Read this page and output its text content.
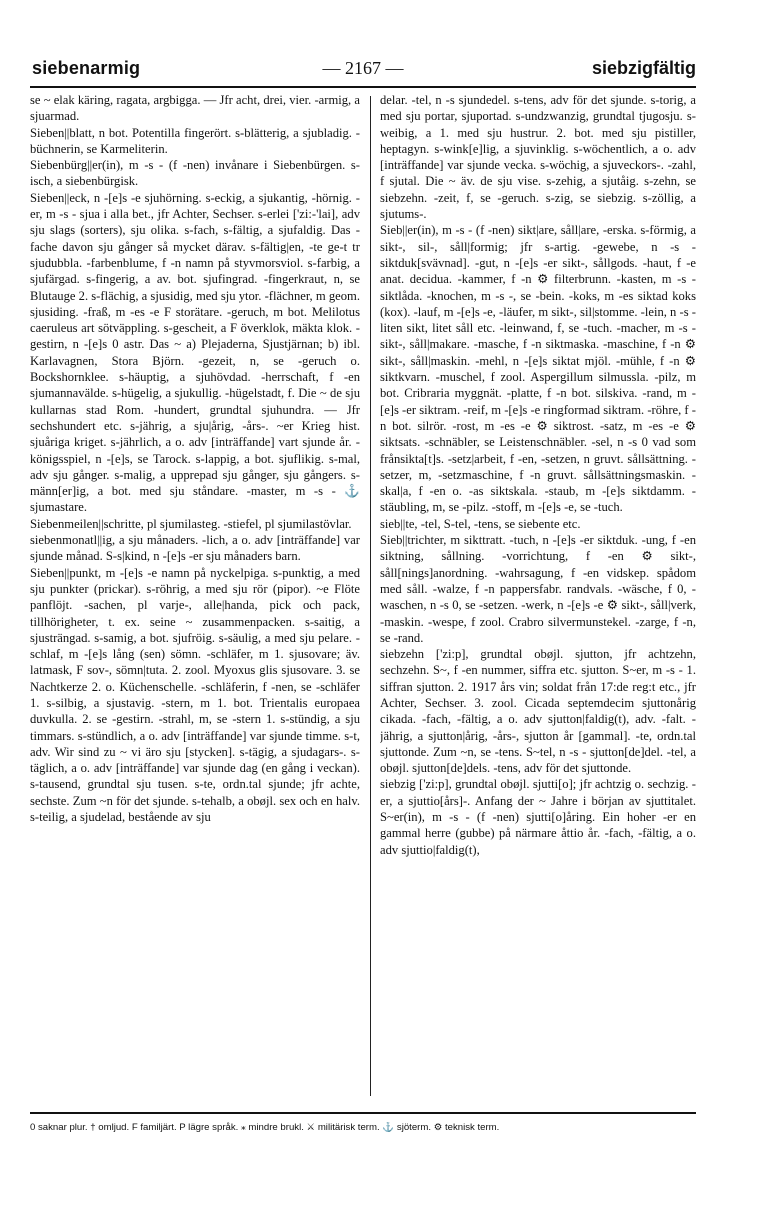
siebenarmig	— 2167 —	siebzigfältig

se ~ elak käring, ragata, argbigga. — Jfr acht, drei, vier. -armig, a sjuarmad.

Sieben||blatt, n bot. Potentilla fingerört. s-blätterig, a sjubladig. -büchnerin, se Karmeliterin.

Siebenbürg||er(in), m -s - (f -nen) invånare i Siebenbürgen. s-isch, a siebenbürgisk.

Sieben||eck, n -[e]s -e sjuhörning. s-eckig, a sjukantig, -hörnig. -er, m -s - sjua i alla bet., jfr Achter, Sechser. s-erlei ['zi:-'lai], adv sju slags (sorters), sju olika. s-fach, s-fältig, a sjufaldig. Das -fache davon sju gånger så mycket därav. s-fältig|en, -te ge-t tr sjudubbla. -farbenblume, f -n namn på styvmorsviol. s-farbig, a sjufärgad. s-fingerig, a av. bot. sjufingrad. -fingerkraut, n, se Blutauge 2. s-flächig, a sjusidig, med sju ytor. -flächner, m geom. sjusiding. -fraß, m -es -e F storätare. -geruch, m bot. Melilotus caeruleus art sötväppling. s-gescheit, a F överklok, mäkta klok. -gestirn, n -[e]s 0 astr. Das ~ a) Plejaderna, Sjustjärnan; b) ibl. Karlavagnen, Stora Björn. -gezeit, n, se -geruch o. Bockshornklee. s-häuptig, a sjuhövdad. -herrschaft, f -en sjumannavälde. s-hügelig, a sjukullig. -hügelstadt, f. Die ~ de sju kullarnas stad Rom. -hundert, grundtal sjuhundra. — Jfr sechshundert etc. s-jährig, a sju|årig, -års-. ~er Krieg hist. sjuåriga kriget. s-jährlich, a o. adv [inträffande] vart sjunde år. -königsspiel, n -[e]s, se Tarock. s-lappig, a bot. sjuflikig. s-mal, adv sju gånger. s-malig, a upprepad sju gånger, sju gångers. s-männ[er]ig, a bot. med sju ståndare. -master, m -s - ⚓ sjumastare.

Siebenmeilen||schritte, pl sjumilasteg. -stiefel, pl sjumilastövlar.

siebenmonatl||ig, a sju månaders. -lich, a o. adv [inträffande] var sjunde månad. S-s|kind, n -[e]s -er sju månaders barn.

Sieben||punkt, m -[e]s -e namn på nyckelpiga. s-punktig, a med sju punkter (prickar). s-röhrig, a med sju rör (pipor). ~e Flöte panflöjt. -sachen, pl varje-, alle|handa, pick och pack, tillhörigheter, t. ex. seine ~ zusammenpacken. s-saitig, a sjusträngad. s-samig, a bot. sjufröig. s-säulig, a med sju pelare. -schlaf, m -[e]s lång (sen) sömn. -schläfer, m 1. sjusovare; äv. latmask, F sov-, sömn|tuta. 2. zool. Myoxus glis sjusovare. 3. se Nachtkerze 2. o. Küchenschelle. -schläferin, f -nen, se -schläfer 1. s-silbig, a sjustavig. -stern, m 1. bot. Trientalis europaea duvkulla. 2. se -gestirn. -strahl, m, se -stern 1. s-stündig, a sju timmars. s-stündlich, a o. adv [inträffande] var sjunde timme. s-t, adv. Wir sind zu ~ vi äro sju [stycken]. s-tägig, a sjudagars-. s-täglich, a o. adv [inträffande] var sjunde dag (en gång i veckan). s-tausend, grundtal sju tusen. s-te, ordn.tal sjunde; jfr achte, sechste. Zum ~n för det sjunde. s-tehalb, a obøjl. sex och en halv. s-teilig, a sjudelad, bestående av sju

delar. -tel, n -s sjundedel. s-tens, adv för det sjunde. s-torig, a med sju portar, sjuportad. s-undzwanzig, grundtal tjugosju. s-weibig, a 1. med sju hustrur. 2. bot. med sju pistiller, heptagyn. s-wink[e]lig, a sjuvinklig. s-wöchentlich, a o. adv [inträffande] var sjunde vecka. s-wöchig, a sjuveckors-. -zahl, f sjutal. Die ~ äv. de sju vise. s-zehig, a sjutåig. s-zehn, se siebzehn. -zeit, f, se -geruch. s-zig, se siebzig. s-zöllig, a sjutums-.

Sieb||er(in), m -s - (f -nen) sikt|are, såll|are, -erska. s-förmig, a sikt-, sil-, såll|formig; jfr s-artig. -gewebe, n -s - siktduk[svävnad]. -gut, n -[e]s -er sikt-, sållgods. -haut, f -e anat. decidua. -kammer, f -n ⚙ filterbrunn. -kasten, m -s - siktlåda. -knochen, m -s -, se -bein. -koks, m -es siktad koks (kox). -lauf, m -[e]s -e, -läufer, m sikt-, sil|stomme. -lein, n -s - liten sikt, litet såll etc. -leinwand, f, se -tuch. -macher, m -s - sikt-, såll|makare. -masche, f -n siktmaska. -maschine, f -n ⚙ sikt-, såll|maskin. -mehl, n -[e]s siktat mjöl. -mühle, f -n ⚙ siktkvarn. -muschel, f zool. Aspergillum silmussla. -pilz, m bot. Cribraria myggnät. -platte, f -n bot. silskiva. -rand, m -[e]s -er siktram. -reif, m -[e]s -e ringformad siktram. -röhre, f -n bot. silrör. -rost, m -es -e ⚙ siktrost. -satz, m -es -e ⚙ siktsats. -schnäbler, se Leistenschnäbler. -sel, n -s 0 vad som frånsikta[t]s. -setz|arbeit, f -en, -setzen, n gruvt. sållsättning. -setzer, m, -setzmaschine, f -n gruvt. sållsättningsmaskin. -skal|a, f -en o. -as siktskala. -staub, m -[e]s siktdamm. -stäubling, m, se -pilz. -stoff, m -[e]s -e, se -tuch.

sieb||te, -tel, S-tel, -tens, se siebente etc.

Sieb||trichter, m sikttratt. -tuch, n -[e]s -er siktduk. -ung, f -en siktning, sållning. -vorrichtung, f -en ⚙ sikt-, såll[nings]anordning. -wahrsagung, f -en vidskep. spådom med såll. -walze, f -n pappersfabr. randvals. -wäsche, f 0, -waschen, n -s 0, se -setzen. -werk, n -[e]s -e ⚙ sikt-, såll|verk, -maskin. -wespe, f zool. Crabro silvermunstekel. -zarge, f -n, se -rand.

siebzehn ['zi:p], grundtal obøjl. sjutton, jfr achtzehn, sechzehn. S~, f -en nummer, siffra etc. sjutton. S~er, m -s - 1. siffran sjutton. 2. 1917 års vin; soldat från 17:de reg:t etc., jfr Achter, Sechser. 3. zool. Cicada septemdecim sjuttonårig cikada. -fach, -fältig, a o. adv sjutton|faldig(t), adv. -falt. -jährig, a sjutton|årig, -års-, sjutton år [gammal]. -te, ordn.tal sjuttonde. Zum ~n, se -tens. S~tel, n -s - sjutton[de]del. -tel, a obøjl. sjutton[de]dels. -tens, adv för det sjuttonde.

siebzig ['zi:p], grundtal obøjl. sjutti[o]; jfr achtzig o. sechzig. -er, a sjuttio[års]-. Anfang der ~ Jahre i början av sjuttitalet. S~er(in), m -s - (f -nen) sjutti[o]åring. Ein hoher -er en gammal herre (gubbe) på närmare åttio år. -fach, -fältig, a o. adv sjuttio|faldig(t),

0 saknar plur. † omljud. F familjärt. P lägre språk. ⁎ mindre brukl. ⚔ militärisk term. ⚓ sjöterm. ⚙ teknisk term.
